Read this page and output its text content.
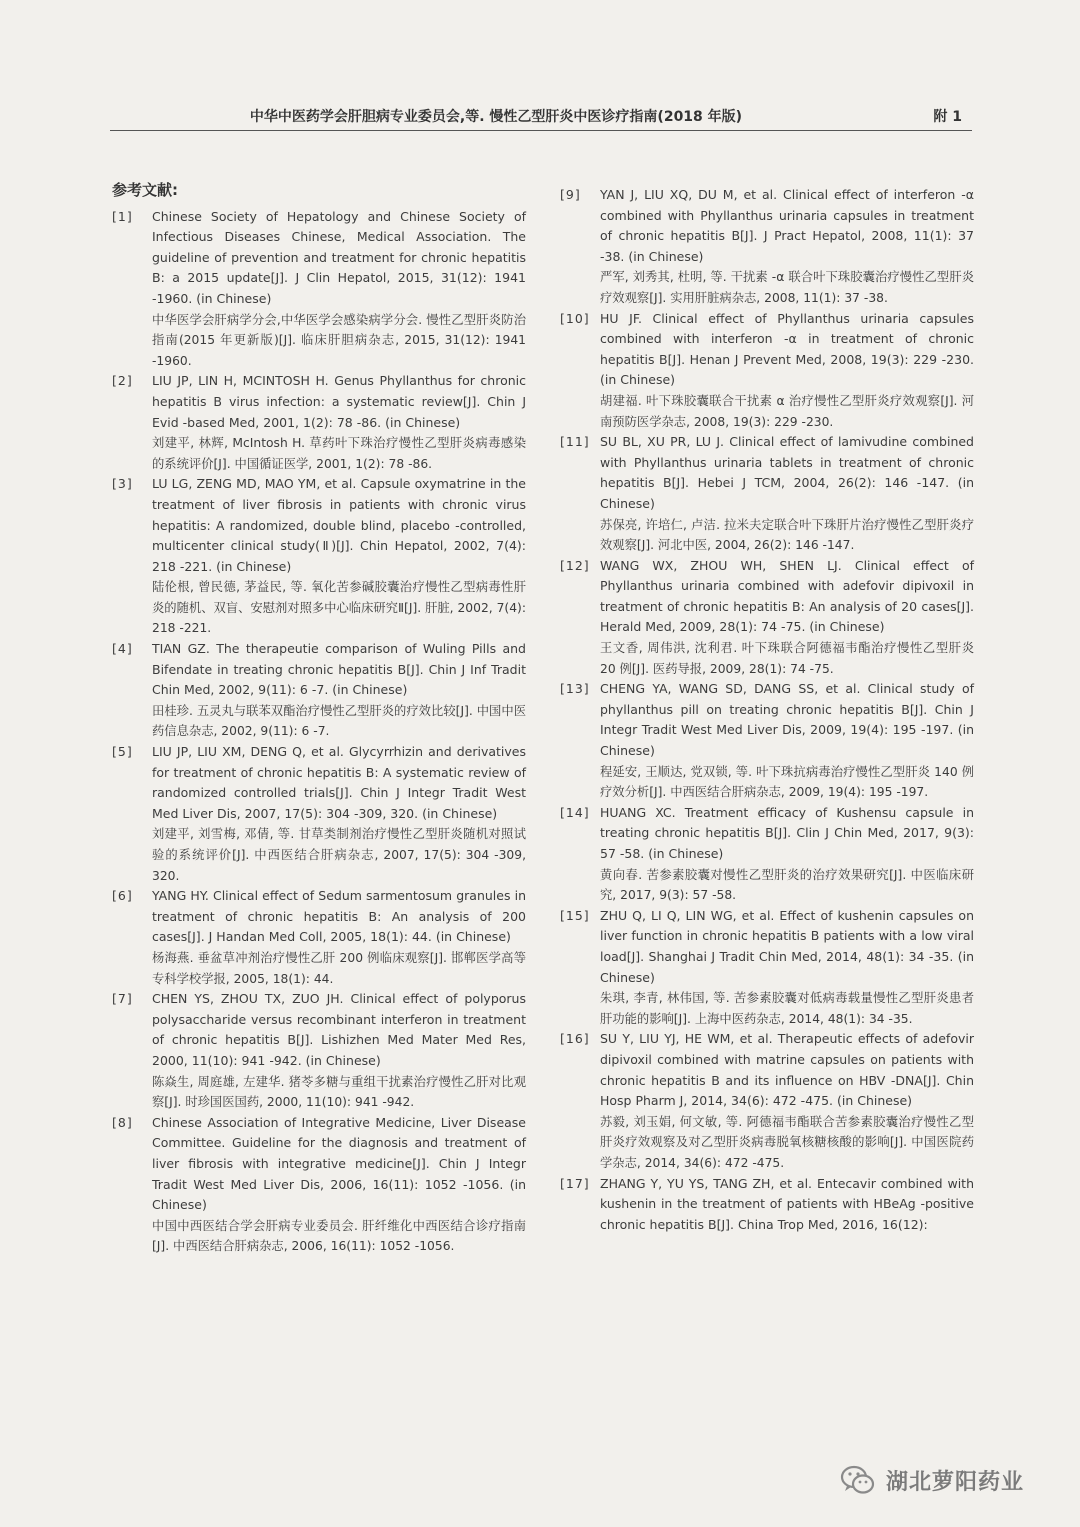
中华中医药学会肝胆病专业委员会,等. 慢性乙型肝炎中医诊疗指南(2018 年版)	附 1
参考文献:
[1]	Chinese Society of Hepatology and Chinese Society of Infectious Diseases Chinese, Medical Association. The guideline of prevention and treatment for chronic hepatitis B: a 2015 update[J]. J Clin Hepatol, 2015, 31(12): 1941 -1960. (in Chinese)
中华医学会肝病学分会,中华医学会感染病学分会. 慢性乙型肝炎防治指南(2015 年更新版)[J]. 临床肝胆病杂志, 2015, 31(12): 1941 -1960.
[2]	LIU JP, LIN H, MCINTOSH H. Genus Phyllanthus for chronic hepatitis B virus infection: a systematic review[J]. Chin J Evid -based Med, 2001, 1(2): 78 -86. (in Chinese)
刘建平, 林辉, McIntosh H. 草药叶下珠治疗慢性乙型肝炎病毒感染的系统评价[J]. 中国循证医学, 2001, 1(2): 78 -86.
[3]	LU LG, ZENG MD, MAO YM, et al. Capsule oxymatrine in the treatment of liver fibrosis in patients with chronic virus hepatitis: A randomized, double blind, placebo -controlled, multicenter clinical study(Ⅱ)[J]. Chin Hepatol, 2002, 7(4): 218 -221. (in Chinese)
陆伦根, 曾民德, 茅益民, 等. 氧化苦参碱胶囊治疗慢性乙型病毒性肝炎的随机、双盲、安慰剂对照多中心临床研究Ⅱ[J]. 肝脏, 2002, 7(4): 218 -221.
[4]	TIAN GZ. The therapeutie comparison of Wuling Pills and Bifendate in treating chronic hepatitis B[J]. Chin J Inf Tradit Chin Med, 2002, 9(11): 6 -7. (in Chinese)
田桂珍. 五灵丸与联苯双酯治疗慢性乙型肝炎的疗效比较[J]. 中国中医药信息杂志, 2002, 9(11): 6 -7.
[5]	LIU JP, LIU XM, DENG Q, et al. Glycyrrhizin and derivatives for treatment of chronic hepatitis B: A systematic review of randomized controlled trials[J]. Chin J Integr Tradit West Med Liver Dis, 2007, 17(5): 304 -309, 320. (in Chinese)
刘建平, 刘雪梅, 邓倩, 等. 甘草类制剂治疗慢性乙型肝炎随机对照试验的系统评价[J]. 中西医结合肝病杂志, 2007, 17(5): 304 -309, 320.
[6]	YANG HY. Clinical effect of Sedum sarmentosum granules in treatment of chronic hepatitis B: An analysis of 200 cases[J]. J Handan Med Coll, 2005, 18(1): 44. (in Chinese)
杨海燕. 垂盆草冲剂治疗慢性乙肝 200 例临床观察[J]. 邯郸医学高等专科学校学报, 2005, 18(1): 44.
[7]	CHEN YS, ZHOU TX, ZUO JH. Clinical effect of polyporus polysaccharide versus recombinant interferon in treatment of chronic hepatitis B[J]. Lishizhen Med Mater Med Res, 2000, 11(10): 941 -942. (in Chinese)
陈焱生, 周庭雄, 左建华. 猪苓多糖与重组干扰素治疗慢性乙肝对比观察[J]. 时珍国医国药, 2000, 11(10): 941 -942.
[8]	Chinese Association of Integrative Medicine, Liver Disease Committee. Guideline for the diagnosis and treatment of liver fibrosis with integrative medicine[J]. Chin J Integr Tradit West Med Liver Dis, 2006, 16(11): 1052 -1056. (in Chinese)
中国中西医结合学会肝病专业委员会. 肝纤维化中西医结合诊疗指南[J]. 中西医结合肝病杂志, 2006, 16(11): 1052 -1056.
[9]	YAN J, LIU XQ, DU M, et al. Clinical effect of interferon -α combined with Phyllanthus urinaria capsules in treatment of chronic hepatitis B[J]. J Pract Hepatol, 2008, 11(1): 37 -38. (in Chinese)
严军, 刘秀其, 杜明, 等. 干扰素 -α 联合叶下珠胶囊治疗慢性乙型肝炎疗效观察[J]. 实用肝脏病杂志, 2008, 11(1): 37 -38.
[10] HU JF. Clinical effect of Phyllanthus urinaria capsules combined with interferon -α in treatment of chronic hepatitis B[J]. Henan J Prevent Med, 2008, 19(3): 229 -230. (in Chinese)
胡建福. 叶下珠胶囊联合干扰素 α 治疗慢性乙型肝炎疗效观察[J]. 河南预防医学杂志, 2008, 19(3): 229 -230.
[11] SU BL, XU PR, LU J. Clinical effect of lamivudine combined with Phyllanthus urinaria tablets in treatment of chronic hepatitis B[J]. Hebei J TCM, 2004, 26(2): 146 -147. (in Chinese)
苏保亮, 许培仁, 卢洁. 拉米夫定联合叶下珠肝片治疗慢性乙型肝炎疗效观察[J]. 河北中医, 2004, 26(2): 146 -147.
[12] WANG WX, ZHOU WH, SHEN LJ. Clinical effect of Phyllanthus urinaria combined with adefovir dipivoxil in treatment of chronic hepatitis B: An analysis of 20 cases[J]. Herald Med, 2009, 28(1): 74 -75. (in Chinese)
王文香, 周伟洪, 沈利君. 叶下珠联合阿德福韦酯治疗慢性乙型肝炎 20 例[J]. 医药导报, 2009, 28(1): 74 -75.
[13] CHENG YA, WANG SD, DANG SS, et al. Clinical study of phyllanthus pill on treating chronic hepatitis B[J]. Chin J Integr Tradit West Med Liver Dis, 2009, 19(4): 195 -197. (in Chinese)
程延安, 王顺达, 党双锁, 等. 叶下珠抗病毒治疗慢性乙型肝炎 140 例疗效分析[J]. 中西医结合肝病杂志, 2009, 19(4): 195 -197.
[14] HUANG XC. Treatment efficacy of Kushensu capsule in treating chronic hepatitis B[J]. Clin J Chin Med, 2017, 9(3): 57 -58. (in Chinese)
黄向春. 苦参素胶囊对慢性乙型肝炎的治疗效果研究[J]. 中医临床研究, 2017, 9(3): 57 -58.
[15] ZHU Q, LI Q, LIN WG, et al. Effect of kushenin capsules on liver function in chronic hepatitis B patients with a low viral load[J]. Shanghai J Tradit Chin Med, 2014, 48(1): 34 -35. (in Chinese)
朱琪, 李青, 林伟国, 等. 苦参素胶囊对低病毒载量慢性乙型肝炎患者肝功能的影响[J]. 上海中医药杂志, 2014, 48(1): 34 -35.
[16] SU Y, LIU YJ, HE WM, et al. Therapeutic effects of adefovir dipivoxil combined with matrine capsules on patients with chronic hepatitis B and its influence on HBV -DNA[J]. Chin Hosp Pharm J, 2014, 34(6): 472 -475. (in Chinese)
苏毅, 刘玉娟, 何文敏, 等. 阿德福韦酯联合苦参素胶囊治疗慢性乙型肝炎疗效观察及对乙型肝炎病毒脱氧核糖核酸的影响[J]. 中国医院药学杂志, 2014, 34(6): 472 -475.
[17] ZHANG Y, YU YS, TANG ZH, et al. Entecavir combined with kushenin in the treatment of patients with HBeAg -positive chronic hepatitis B[J]. China Trop Med, 2016, 16(12):
湖北萝阳药业
